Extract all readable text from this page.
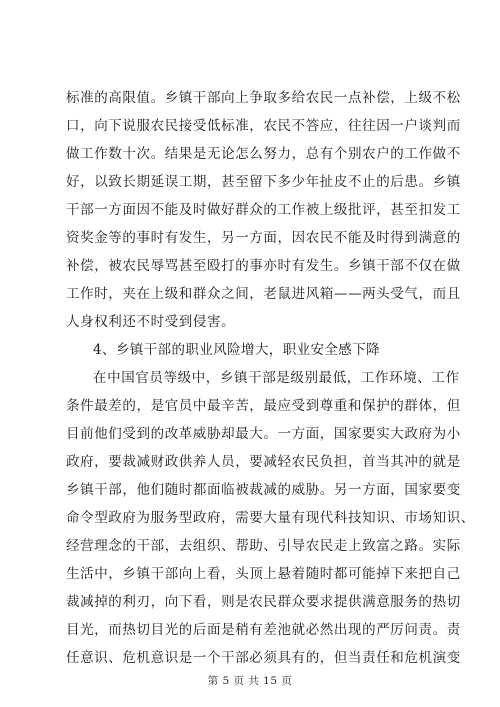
标准的高限值。乡镇干部向上争取多给农民一点补偿，上级不松
口，向下说服农民接受低标准，农民不答应，往往因一户谈判而
做工作数十次。结果是无论怎么努力，总有个别农户的工作做不
好，以致长期延误工期，甚至留下多少年扯皮不止的后患。乡镇
干部一方面因不能及时做好群众的工作被上级批评，甚至扣发工
资奖金等的事时有发生，另一方面，因农民不能及时得到满意的
补偿，被农民辱骂甚至殴打的事亦时有发生。乡镇干部不仅在做
工作时，夹在上级和群众之间，老鼠进风箱——两头受气，而且
人身权利还不时受到侵害。
4、乡镇干部的职业风险增大，职业安全感下降
在中国官员等级中，乡镇干部是级别最低，工作环境、工作
条件最差的，是官员中最辛苦，最应受到尊重和保护的群体，但
目前他们受到的改革威胁却最大。一方面，国家要实大政府为小
政府，要裁减财政供养人员，要减轻农民负担，首当其冲的就是
乡镇干部，他们随时都面临被裁减的威胁。另一方面，国家要变
命令型政府为服务型政府，需要大量有现代科技知识、市场知识、
经营理念的干部，去组织、帮助、引导农民走上致富之路。实际
生活中，乡镇干部向上看，头顶上悬着随时都可能掉下来把自己
裁减掉的利刃，向下看，则是农民群众要求提供满意服务的热切
目光，而热切目光的后面是稍有差池就必然出现的严厉问责。责
任意识、危机意识是一个干部必须具有的，但当责任和危机演变
第 5 页 共 15 页
